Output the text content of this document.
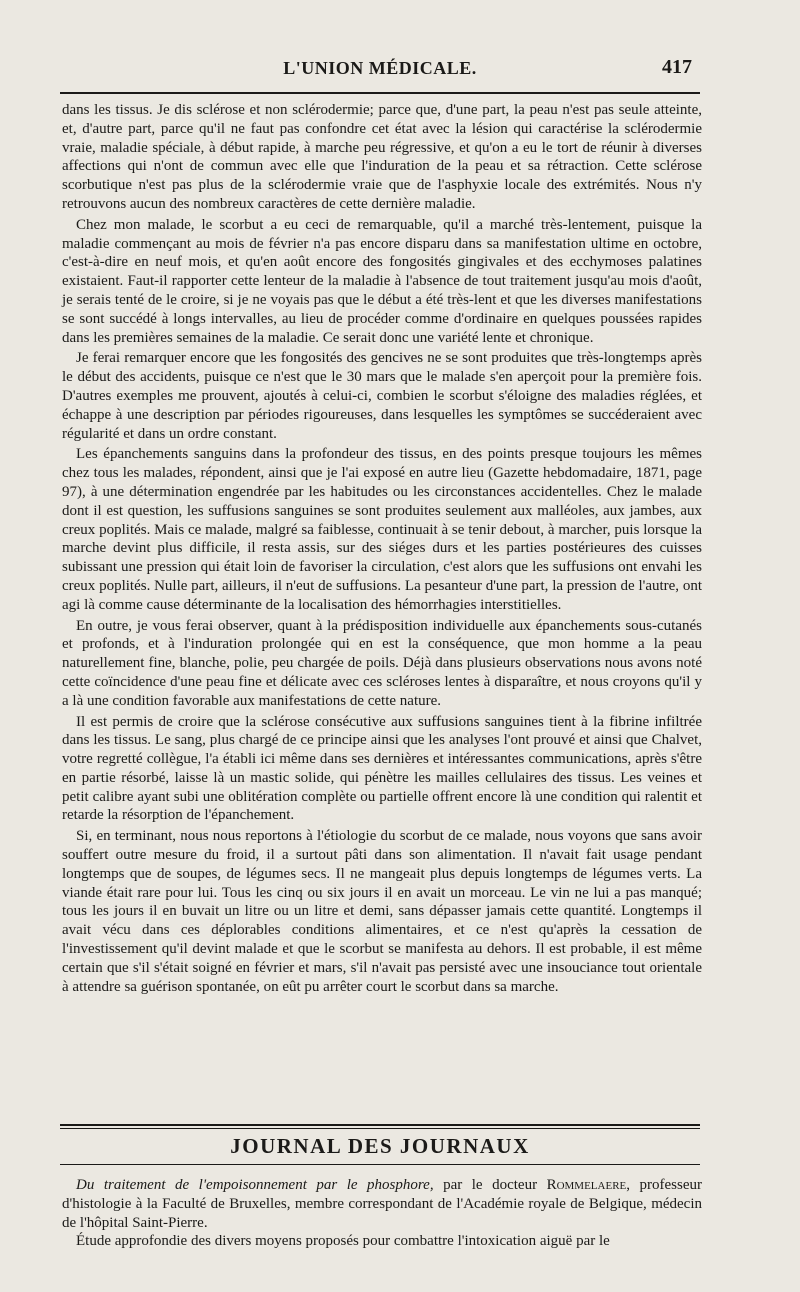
L'UNION MÉDICALE.	417

dans les tissus. Je dis sclérose et non sclérodermie; parce que, d'une part, la peau n'est pas seule atteinte, et, d'autre part, parce qu'il ne faut pas confondre cet état avec la lésion qui caractérise la sclérodermie vraie, maladie spéciale, à début rapide, à marche peu régressive, et qu'on a eu le tort de réunir à diverses affections qui n'ont de commun avec elle que l'induration de la peau et sa rétraction. Cette sclérose scorbutique n'est pas plus de la sclérodermie vraie que de l'asphyxie locale des extrémités. Nous n'y retrouvons aucun des nombreux caractères de cette dernière maladie.

Chez mon malade, le scorbut a eu ceci de remarquable, qu'il a marché très-lentement, puisque la maladie commençant au mois de février n'a pas encore disparu dans sa manifestation ultime en octobre, c'est-à-dire en neuf mois, et qu'en août encore des fongosités gingivales et des ecchymoses palatines existaient. Faut-il rapporter cette lenteur de la maladie à l'absence de tout traitement jusqu'au mois d'août, je serais tenté de le croire, si je ne voyais pas que le début a été très-lent et que les diverses manifestations se sont succédé à longs intervalles, au lieu de procéder comme d'ordinaire en quelques poussées rapides dans les premières semaines de la maladie. Ce serait donc une variété lente et chronique.

Je ferai remarquer encore que les fongosités des gencives ne se sont produites que très-longtemps après le début des accidents, puisque ce n'est que le 30 mars que le malade s'en aperçoit pour la première fois. D'autres exemples me prouvent, ajoutés à celui-ci, combien le scorbut s'éloigne des maladies réglées, et échappe à une description par périodes rigoureuses, dans lesquelles les symptômes se succéderaient avec régularité et dans un ordre constant.

Les épanchements sanguins dans la profondeur des tissus, en des points presque toujours les mêmes chez tous les malades, répondent, ainsi que je l'ai exposé en autre lieu (Gazette hebdomadaire, 1871, page 97), à une détermination engendrée par les habitudes ou les circonstances accidentelles. Chez le malade dont il est question, les suffusions sanguines se sont produites seulement aux malléoles, aux jambes, aux creux poplités. Mais ce malade, malgré sa faiblesse, continuait à se tenir debout, à marcher, puis lorsque la marche devint plus difficile, il resta assis, sur des siéges durs et les parties postérieures des cuisses subissant une pression qui était loin de favoriser la circulation, c'est alors que les suffusions ont envahi les creux poplités. Nulle part, ailleurs, il n'eut de suffusions. La pesanteur d'une part, la pression de l'autre, ont agi là comme cause déterminante de la localisation des hémorrhagies interstitielles.

En outre, je vous ferai observer, quant à la prédisposition individuelle aux épanchements sous-cutanés et profonds, et à l'induration prolongée qui en est la conséquence, que mon homme a la peau naturellement fine, blanche, polie, peu chargée de poils. Déjà dans plusieurs observations nous avons noté cette coïncidence d'une peau fine et délicate avec ces scléroses lentes à disparaître, et nous croyons qu'il y a là une condition favorable aux manifestations de cette nature.

Il est permis de croire que la sclérose consécutive aux suffusions sanguines tient à la fibrine infiltrée dans les tissus. Le sang, plus chargé de ce principe ainsi que les analyses l'ont prouvé et ainsi que Chalvet, votre regretté collègue, l'a établi ici même dans ses dernières et intéressantes communications, après s'être en partie résorbé, laisse là un mastic solide, qui pénètre les mailles cellulaires des tissus. Les veines et petit calibre ayant subi une oblitération complète ou partielle offrent encore là une condition qui ralentit et retarde la résorption de l'épanchement.

Si, en terminant, nous nous reportons à l'étiologie du scorbut de ce malade, nous voyons que sans avoir souffert outre mesure du froid, il a surtout pâti dans son alimentation. Il n'avait fait usage pendant longtemps que de soupes, de légumes secs. Il ne mangeait plus depuis longtemps de légumes verts. La viande était rare pour lui. Tous les cinq ou six jours il en avait un morceau. Le vin ne lui a pas manqué; tous les jours il en buvait un litre ou un litre et demi, sans dépasser jamais cette quantité. Longtemps il avait vécu dans ces déplorables conditions alimentaires, et ce n'est qu'après la cessation de l'investissement qu'il devint malade et que le scorbut se manifesta au dehors. Il est probable, il est même certain que s'il s'était soigné en février et mars, s'il n'avait pas persisté avec une insouciance tout orientale à attendre sa guérison spontanée, on eût pu arrêter court le scorbut dans sa marche.

JOURNAL DES JOURNAUX

Du traitement de l'empoisonnement par le phosphore, par le docteur Rommelaere, professeur d'histologie à la Faculté de Bruxelles, membre correspondant de l'Académie royale de Belgique, médecin de l'hôpital Saint-Pierre.

Étude approfondie des divers moyens proposés pour combattre l'intoxication aiguë par le
